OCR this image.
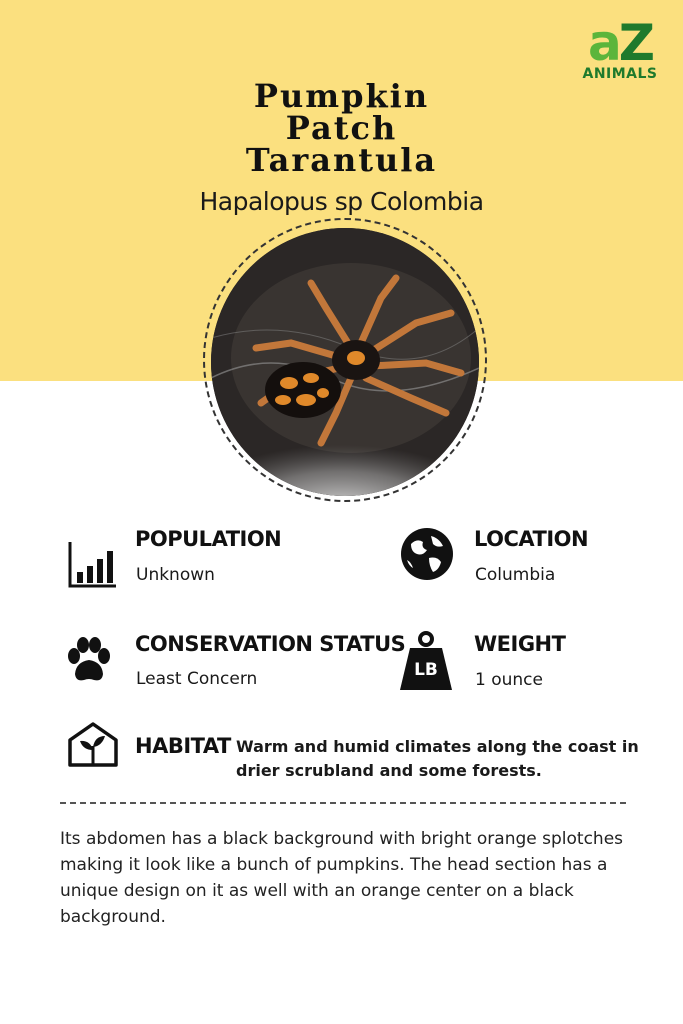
aZ
ANIMALS
Pumpkin
Patch
Tarantula
Hapalopus sp Colombia
POPULATION
Unknown
LOCATION
Columbia
CONSERVATION STATUS
Least Concern	LB
WEIGHT
1 ounce
HABITAT Warm and humid climates along the coast in drier scrubland and some forests.
Its abdomen has a black background with bright orange splotches making it look like a bunch of pumpkins. The head section has a unique design on it as well with an orange center on a black background.
